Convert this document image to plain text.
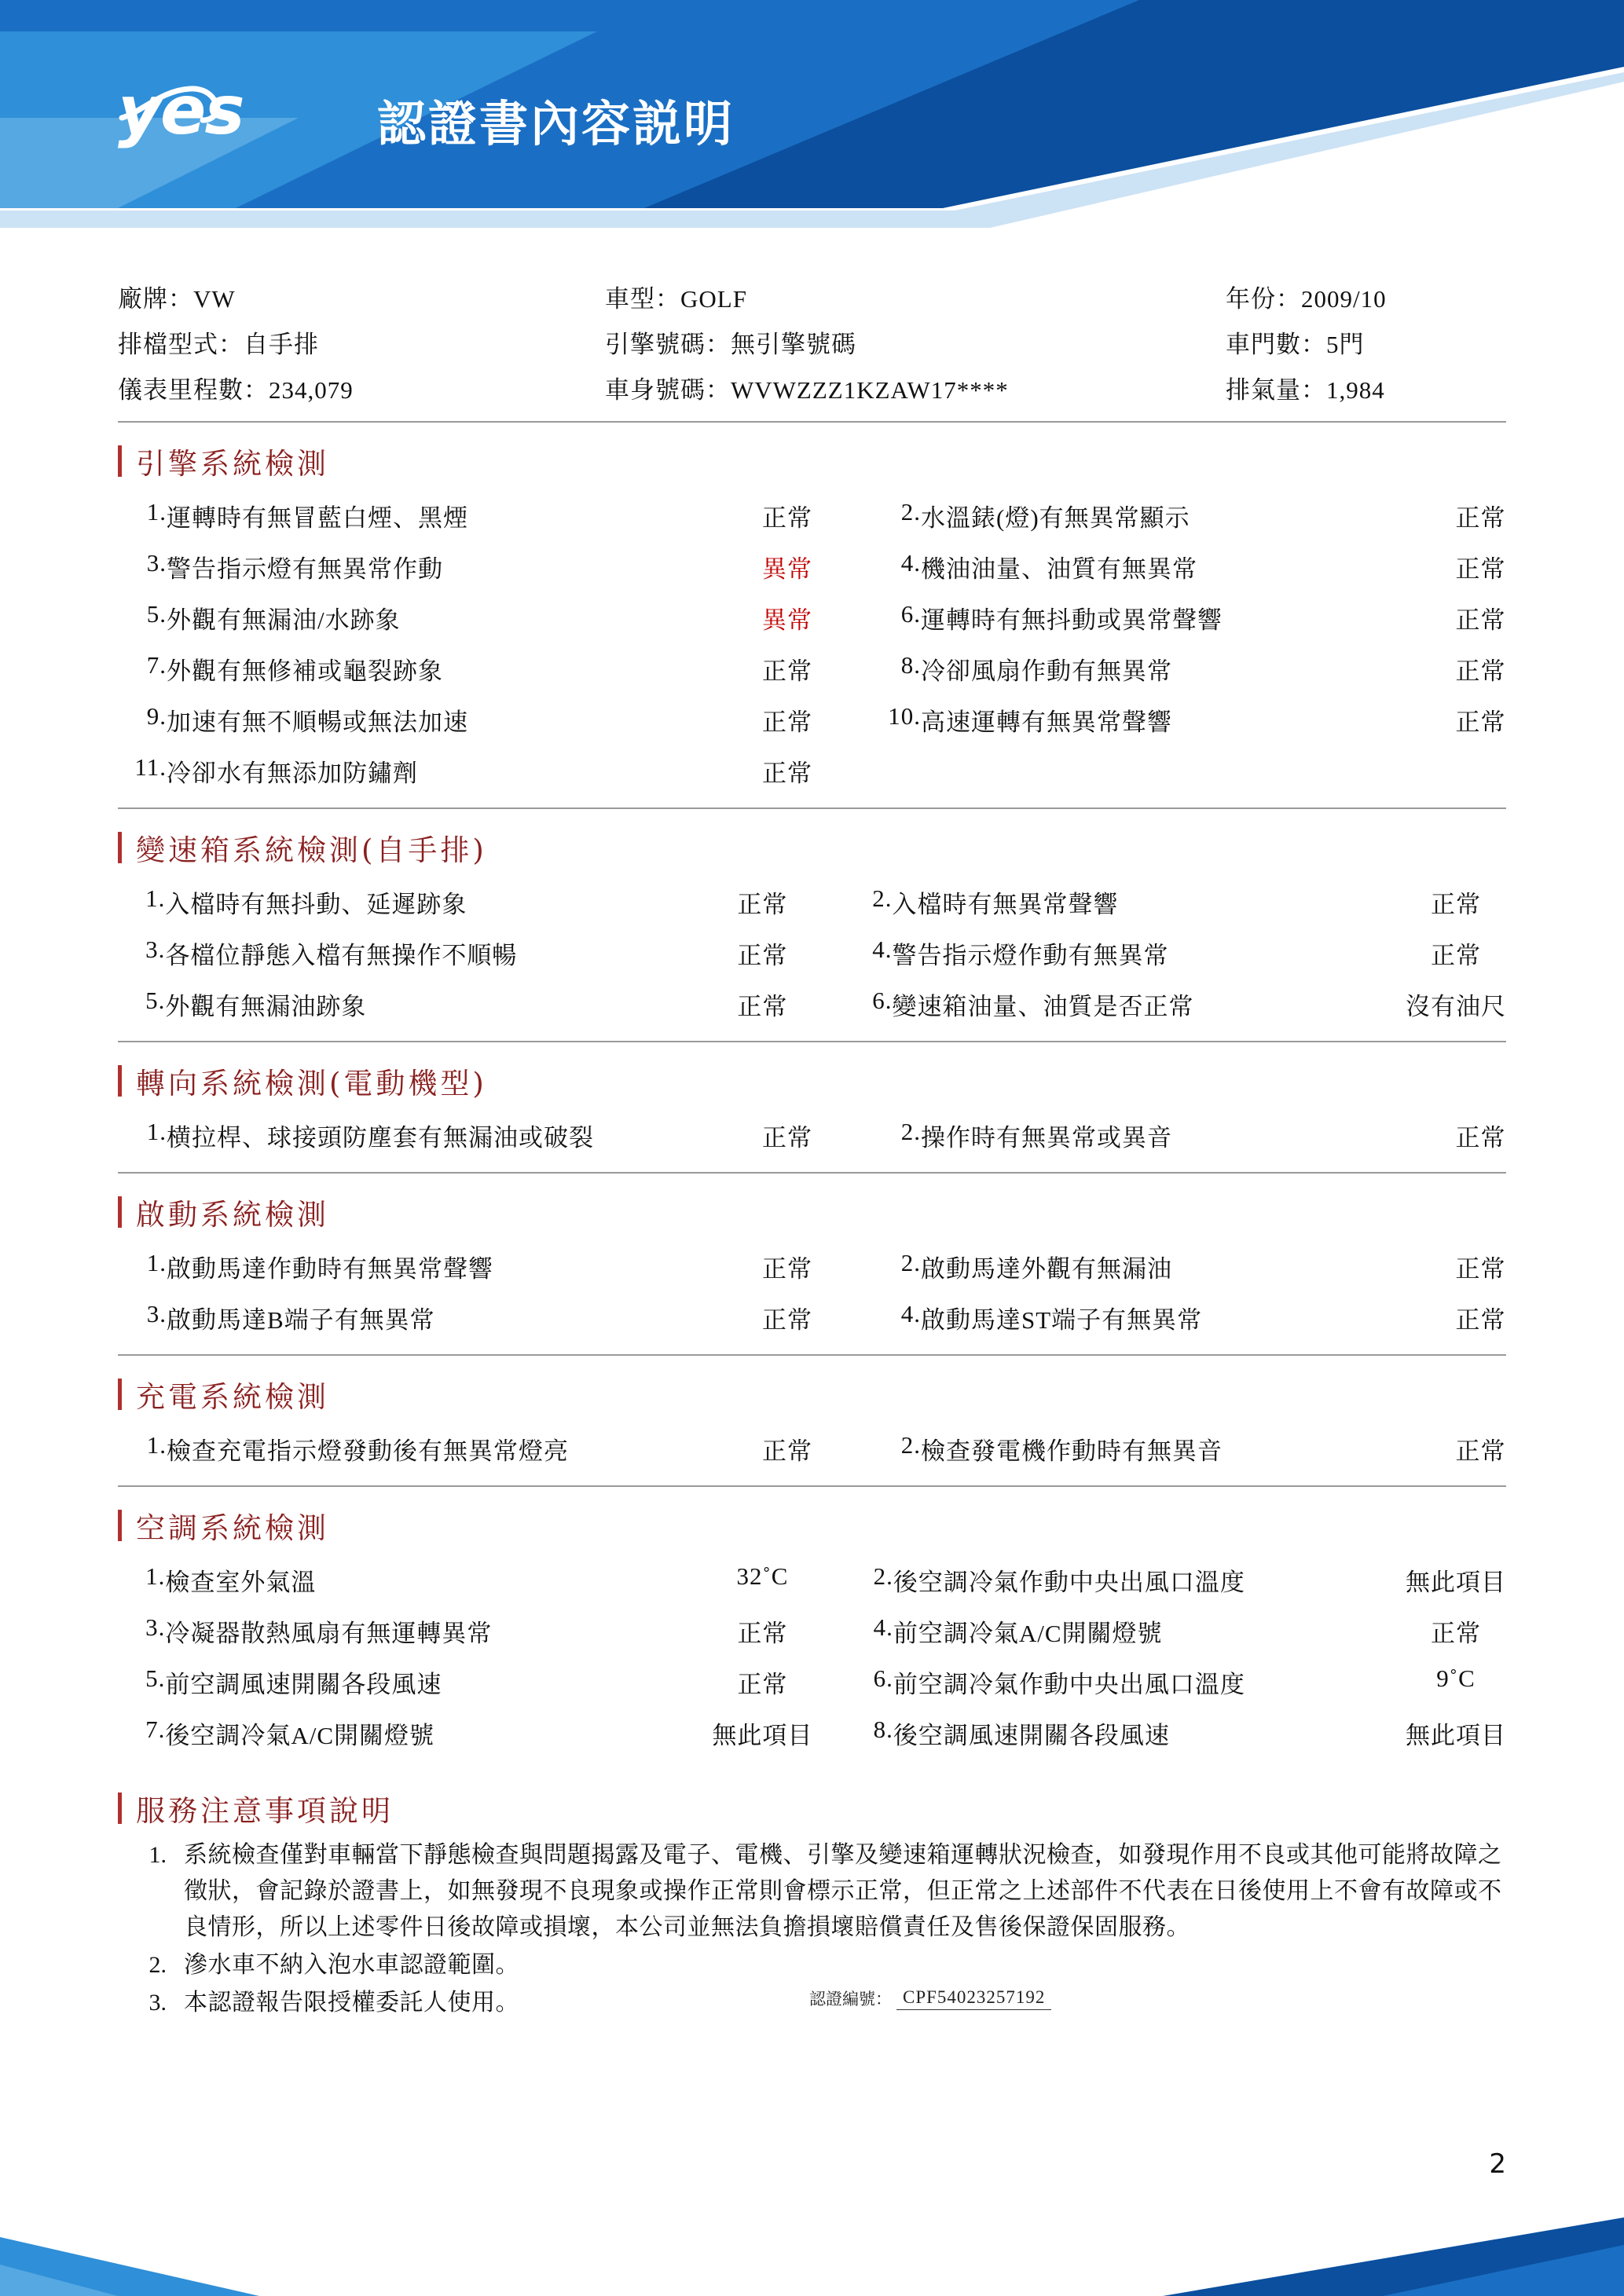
yes	認證書內容説明
廠牌：VW	車型：GOLF	年份：2009/10
排檔型式：自手排	引擎號碼：無引擎號碼	車門數：5門
儀表里程數：234,079	車身號碼：WVWZZZ1KZAW17****	排氣量：1,984
引擎系統檢測
1.	運轉時有無冒藍白煙、黑煙	正常	2.	水溫錶(燈)有無異常顯示	正常
3.	警告指示燈有無異常作動	異常	4.	機油油量、油質有無異常	正常
5.	外觀有無漏油/水跡象	異常	6.	運轉時有無抖動或異常聲響	正常
7.	外觀有無修補或龜裂跡象	正常	8.	冷卻風扇作動有無異常	正常
9.	加速有無不順暢或無法加速	正常	10.	高速運轉有無異常聲響	正常
11.	冷卻水有無添加防鏽劑	正常			
變速箱系統檢測(自手排)
1.	入檔時有無抖動、延遲跡象	正常	2.	入檔時有無異常聲響	正常
3.	各檔位靜態入檔有無操作不順暢	正常	4.	警告指示燈作動有無異常	正常
5.	外觀有無漏油跡象	正常	6.	變速箱油量、油質是否正常	沒有油尺
轉向系統檢測(電動機型)
1.	横拉桿、球接頭防塵套有無漏油或破裂	正常	2.	操作時有無異常或異音	正常
啟動系統檢測
1.	啟動馬達作動時有無異常聲響	正常	2.	啟動馬達外觀有無漏油	正常
3.	啟動馬達B端子有無異常	正常	4.	啟動馬達ST端子有無異常	正常
充電系統檢測
1.	檢查充電指示燈發動後有無異常燈亮	正常	2.	檢查發電機作動時有無異音	正常
空調系統檢測
1.	檢查室外氣溫	32˚C	2.	後空調冷氣作動中央出風口溫度	無此項目
3.	冷凝器散熱風扇有無運轉異常	正常	4.	前空調冷氣A/C開關燈號	正常
5.	前空調風速開關各段風速	正常	6.	前空調冷氣作動中央出風口溫度	9˚C
7.	後空調冷氣A/C開關燈號	無此項目	8.	後空調風速開關各段風速	無此項目
服務注意事項說明
1. 系統檢查僅對車輛當下靜態檢查與問題揭露及電子、電機、引擎及變速箱運轉狀況檢查，如發現作用不良或其他可能將故障之徵狀，會記錄於證書上，如無發現不良現象或操作正常則會標示正常，但正常之上述部件不代表在日後使用上不會有故障或不良情形，所以上述零件日後故障或損壞，本公司並無法負擔損壞賠償責任及售後保證保固服務。
2. 滲水車不納入泡水車認證範圍。
3. 本認證報告限授權委託人使用。	認證編號： CPF54023257192
2
